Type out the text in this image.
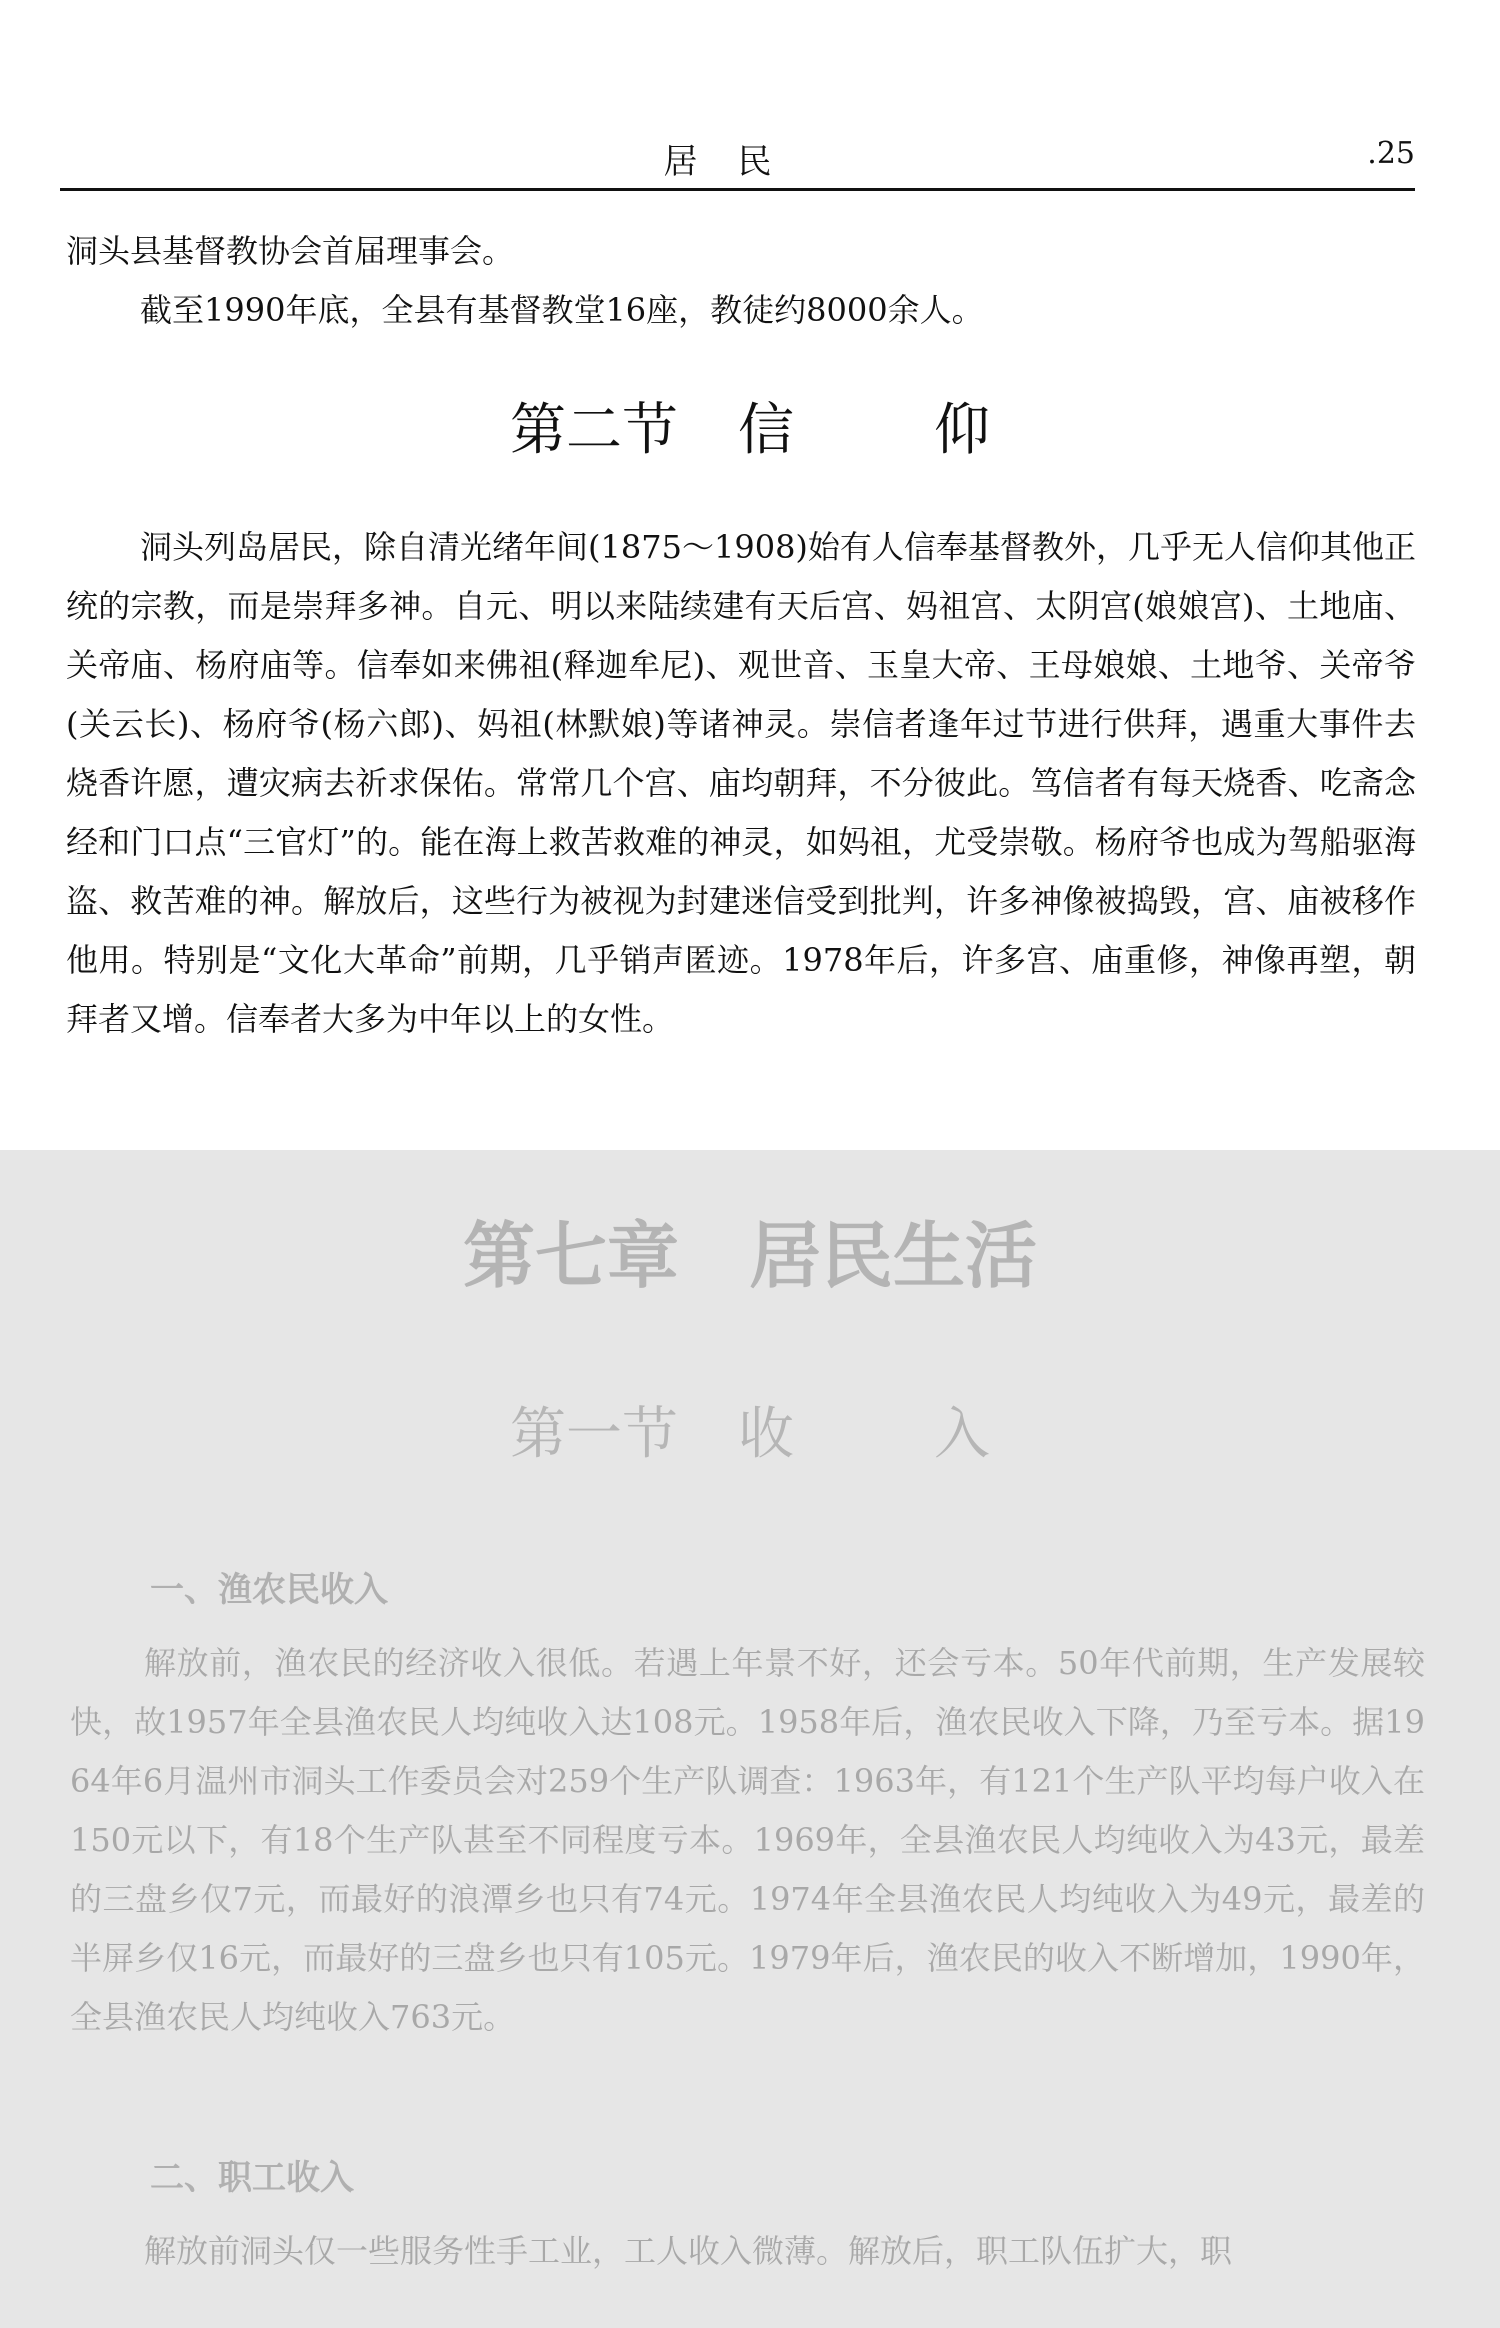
居民	.25

洞头县基督教协会首届理事会。

截至1990年底，全县有基督教堂16座，教徒约8000余人。

第二节 信	仰

洞头列岛居民，除自清光绪年间(1875～1908)始有人信奉基督教外，几乎无人信仰其他正统的宗教，而是崇拜多神。自元、明以来陆续建有天后宫、妈祖宫、太阴宫(娘娘宫)、土地庙、关帝庙、杨府庙等。信奉如来佛祖(释迦牟尼)、观世音、玉皇大帝、王母娘娘、土地爷、关帝爷(关云长)、杨府爷(杨六郎)、妈祖(林默娘)等诸神灵。崇信者逢年过节进行供拜，遇重大事件去烧香许愿，遭灾病去祈求保佑。常常几个宫、庙均朝拜，不分彼此。笃信者有每天烧香、吃斋念经和门口点“三官灯”的。能在海上救苦救难的神灵，如妈祖，尤受崇敬。杨府爷也成为驾船驱海盗、救苦难的神。解放后，这些行为被视为封建迷信受到批判，许多神像被捣毁，宫、庙被移作他用。特别是“文化大革命”前期，几乎销声匿迹。1978年后，许多宫、庙重修，神像再塑，朝拜者又增。信奉者大多为中年以上的女性。

第七章 居民生活
第一节 收	入
一、渔农民收入

解放前，渔农民的经济收入很低。若遇上年景不好，还会亏本。50年代前期，生产发展较快，故1957年全县渔农民人均纯收入达108元。1958年后，渔农民收入下降，乃至亏本。据1964年6月温州市洞头工作委员会对259个生产队调查：1963年，有121个生产队平均每户收入在150元以下，有18个生产队甚至不同程度亏本。1969年，全县渔农民人均纯收入为43元，最差的三盘乡仅7元，而最好的浪潭乡也只有74元。1974年全县渔农民人均纯收入为49元，最差的半屏乡仅16元，而最好的三盘乡也只有105元。1979年后，渔农民的收入不断增加，1990年，全县渔农民人均纯收入763元。

二、职工收入

解放前洞头仅一些服务性手工业，工人收入微薄。解放后，职工队伍扩大，职
